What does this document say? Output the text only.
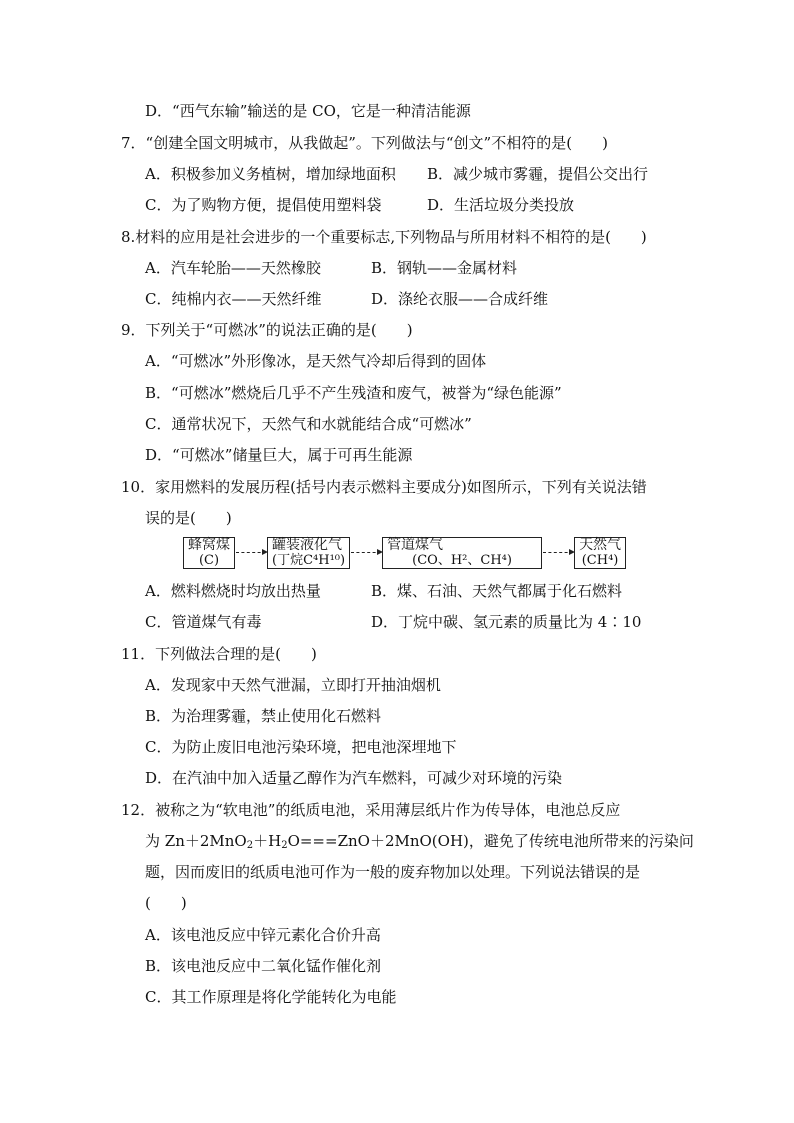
D．“西气东输”输送的是 CO，它是一种清洁能源
7．“创建全国文明城市，从我做起”。下列做法与“创文”不相符的是(　　)
A．积极参加义务植树，增加绿地面积 B．减少城市雾霾，提倡公交出行
C．为了购物方便，提倡使用塑料袋	D．生活垃圾分类投放
8.材料的应用是社会进步的一个重要标志,下列物品与所用材料不相符的是(　　)
A．汽车轮胎——天然橡胶	B．钢轨——金属材料
C．纯棉内衣——天然纤维	D．涤纶衣服——合成纤维
9．下列关于“可燃冰”的说法正确的是(　　)
A．“可燃冰”外形像冰，是天然气冷却后得到的固体
B．“可燃冰”燃烧后几乎不产生残渣和废气，被誉为“绿色能源”
C．通常状况下，天然气和水就能结合成“可燃冰”
D．“可燃冰”储量巨大，属于可再生能源
10．家用燃料的发展历程(括号内表示燃料主要成分)如图所示，下列有关说法错
误的是(　　)
蜂窝煤
(C)
罐装液化气
(丁烷C⁴H¹⁰)
管道煤气
(CO、H²、CH⁴)
天然气
(CH⁴)
A．燃料燃烧时均放出热量	B．煤、石油、天然气都属于化石燃料
C．管道煤气有毒	D．丁烷中碳、氢元素的质量比为 4∶10
11．下列做法合理的是(　　)
A．发现家中天然气泄漏，立即打开抽油烟机
B．为治理雾霾，禁止使用化石燃料
C．为防止废旧电池污染环境，把电池深埋地下
D．在汽油中加入适量乙醇作为汽车燃料，可减少对环境的污染
12．被称之为“软电池”的纸质电池，采用薄层纸片作为传导体，电池总反应
为 $Zn+2MnO_2+H_2O===ZnO+2MnO(OH)$，避免了传统电池所带来的污染问
题，因而废旧的纸质电池可作为一般的废弃物加以处理。下列说法错误的是
(　　)
A．该电池反应中锌元素化合价升高
B．该电池反应中二氧化锰作催化剂
C．其工作原理是将化学能转化为电能
